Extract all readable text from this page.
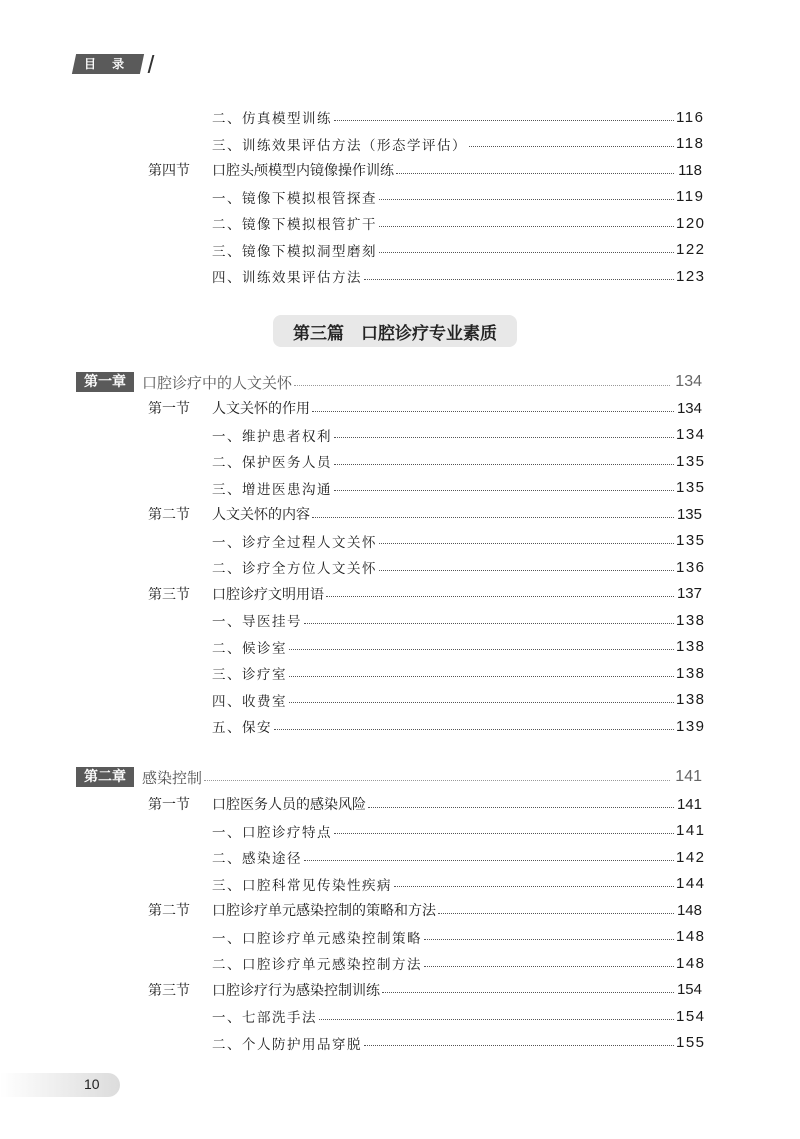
目 录
第三篇　口腔诊疗专业素质
二、仿真模型训练	116
三、训练效果评估方法（形态学评估）	118
第四节	口腔头颅模型内镜像操作训练	118
一、镜像下模拟根管探查	119
二、镜像下模拟根管扩干	120
三、镜像下模拟洞型磨刻	122
四、训练效果评估方法	123
第一章	口腔诊疗中的人文关怀	134
第一节	人文关怀的作用	134
一、维护患者权利	134
二、保护医务人员	135
三、增进医患沟通	135
第二节	人文关怀的内容	135
一、诊疗全过程人文关怀	135
二、诊疗全方位人文关怀	136
第三节	口腔诊疗文明用语	137
一、导医挂号	138
二、候诊室	138
三、诊疗室	138
四、收费室	138
五、保安	139
第二章	感染控制	141
第一节	口腔医务人员的感染风险	141
一、口腔诊疗特点	141
二、感染途径	142
三、口腔科常见传染性疾病	144
第二节	口腔诊疗单元感染控制的策略和方法	148
一、口腔诊疗单元感染控制策略	148
二、口腔诊疗单元感染控制方法	148
第三节	口腔诊疗行为感染控制训练	154
一、七部洗手法	154
二、个人防护用品穿脱	155
10
